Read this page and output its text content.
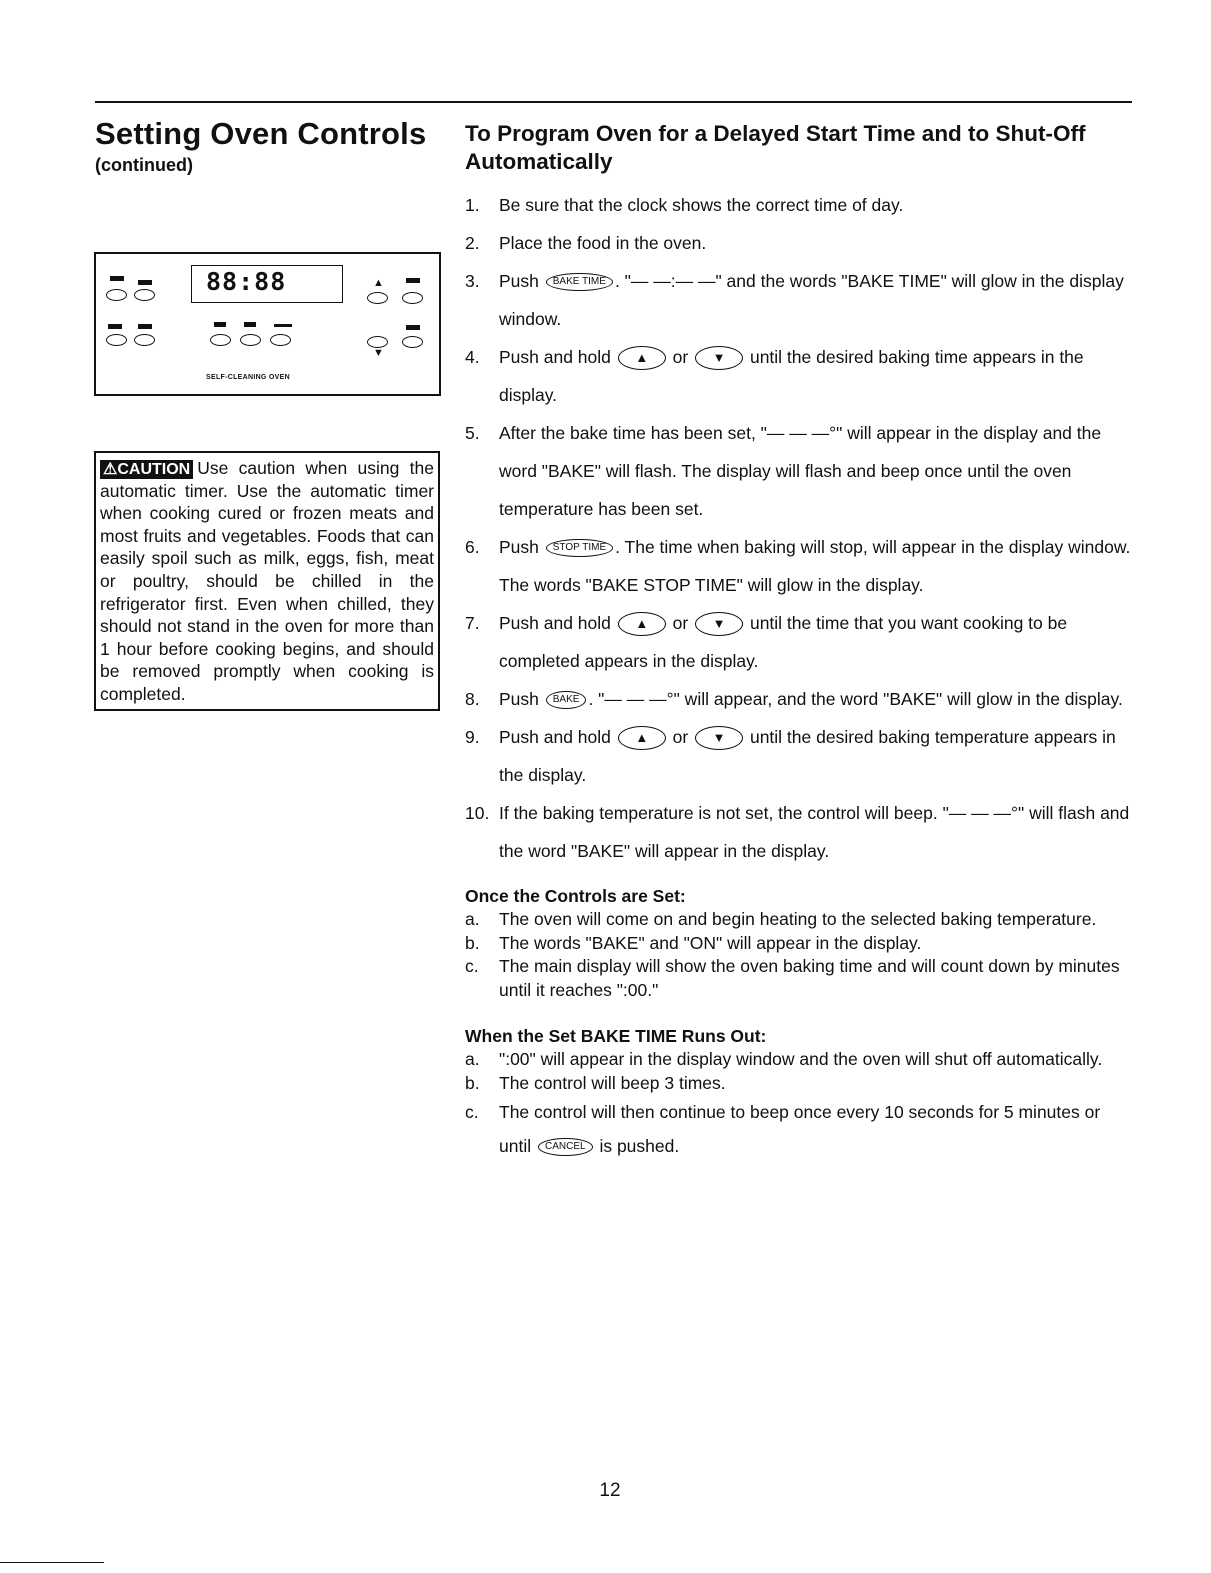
Setting Oven Controls
(continued)
88:88	▲
▼
SELF-CLEANING OVEN
⚠CAUTION Use caution when using the automatic timer. Use the automatic timer when cooking cured or frozen meats and most fruits and vegetables. Foods that can easily spoil such as milk, eggs, fish, meat or poultry, should be chilled in the refrigerator first. Even when chilled, they should not stand in the oven for more than 1 hour before cooking begins, and should be removed promptly when cooking is completed.
To Program Oven for a Delayed Start Time and to Shut-Off Automatically
1. Be sure that the clock shows the correct time of day.
2. Place the food in the oven.
3. Push BAKE TIME . "— —:— —" and the words "BAKE TIME" will glow in the display window.
4. Push and hold ▲ or ▼ until the desired baking time appears in the display.
5. After the bake time has been set, "— — —°" will appear in the display and the word "BAKE" will flash. The display will flash and beep once until the oven temperature has been set.
6. Push STOP TIME . The time when baking will stop, will appear in the display window. The words "BAKE STOP TIME" will glow in the display.
7. Push and hold ▲ or ▼ until the time that you want cooking to be completed appears in the display.
8. Push BAKE . "— — —°" will appear, and the word "BAKE" will glow in the display.
9. Push and hold ▲ or ▼ until the desired baking temperature appears in the display.
10. If the baking temperature is not set, the control will beep. "— — —°" will flash and the word "BAKE" will appear in the display.
Once the Controls are Set:
a. The oven will come on and begin heating to the selected baking temperature.
b. The words "BAKE" and "ON" will appear in the display.
c. The main display will show the oven baking time and will count down by minutes until it reaches ":00."
When the Set BAKE TIME Runs Out:
a. ":00" will appear in the display window and the oven will shut off automatically.
b. The control will beep 3 times.
c. The control will then continue to beep once every 10 seconds for 5 minutes or until CANCEL is pushed.
12
